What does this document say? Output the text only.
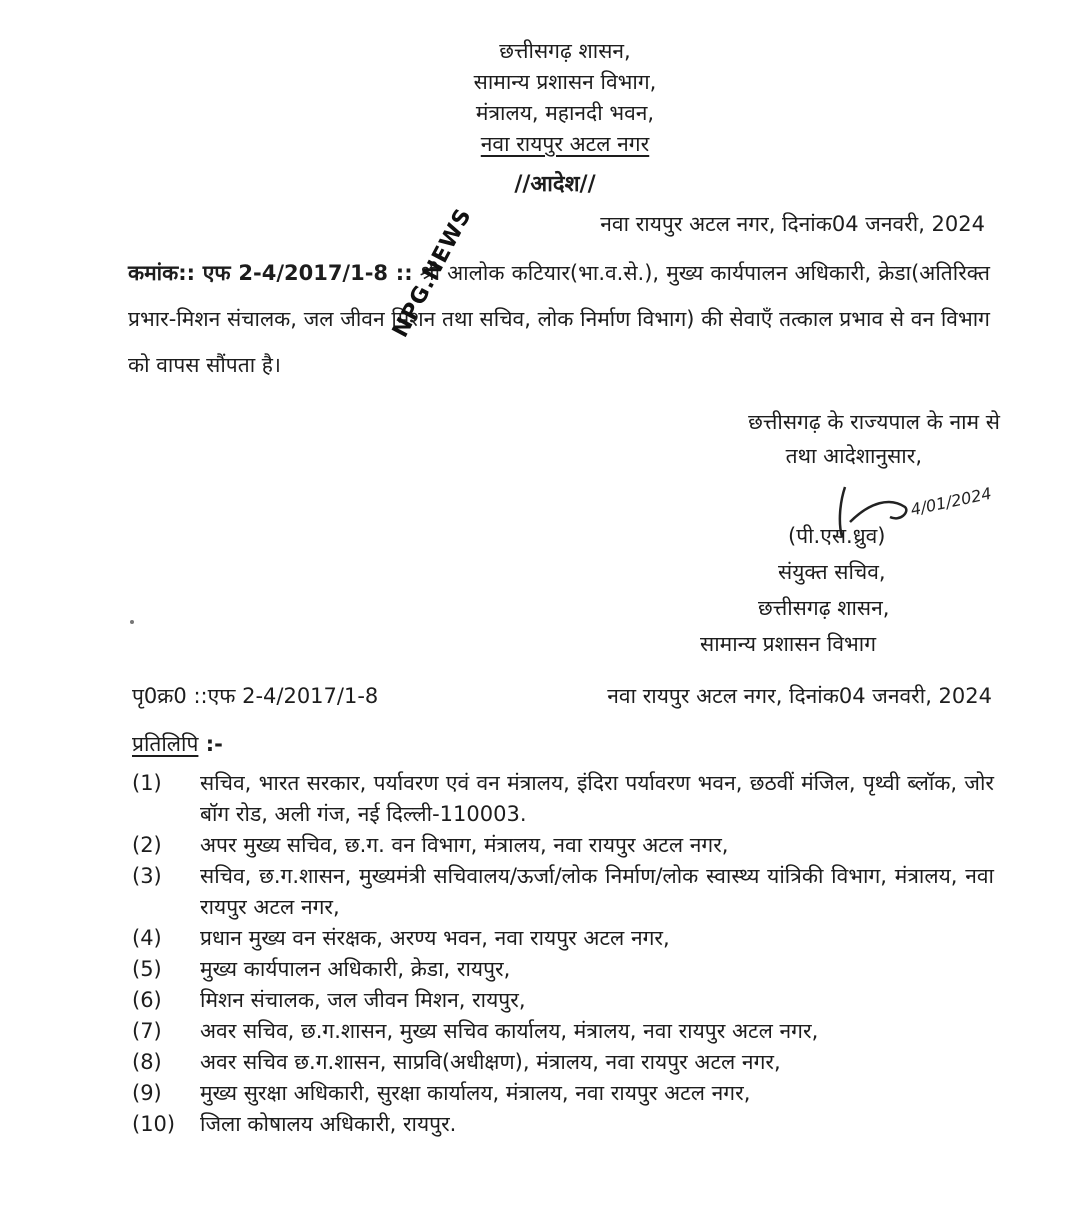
छत्तीसगढ़ शासन,
सामान्य प्रशासन विभाग,
मंत्रालय, महानदी भवन,
नवा रायपुर अटल नगर
//आदेश//
नवा रायपुर अटल नगर, दिनांक04 जनवरी, 2024
कमांक:: एफ 2-4/2017/1-8 :: श्री आलोक कटियार(भा.व.से.), मुख्य कार्यपालन अधिकारी, क्रेडा(अतिरिक्त प्रभार-मिशन संचालक, जल जीवन मिशन तथा सचिव, लोक निर्माण विभाग) की सेवाएँ तत्काल प्रभाव से वन विभाग को वापस सौंपता है।
NPG.NEWS
छत्तीसगढ़ के राज्यपाल के नाम से
तथा आदेशानुसार,
4/01/2024
(पी.एस.ध्रुव)
संयुक्त सचिव,
छत्तीसगढ़ शासन,
सामान्य प्रशासन विभाग
पृ0क्र0 ::एफ 2-4/2017/1-8	नवा रायपुर अटल नगर, दिनांक04 जनवरी, 2024
प्रतिलिपि :-
(1)	सचिव, भारत सरकार, पर्यावरण एवं वन मंत्रालय, इंदिरा पर्यावरण भवन, छठवीं मंजिल, पृथ्वी ब्लॉक, जोर बॉग रोड, अली गंज, नई दिल्ली-110003.
(2)	अपर मुख्य सचिव, छ.ग. वन विभाग, मंत्रालय, नवा रायपुर अटल नगर,
(3)	सचिव, छ.ग.शासन, मुख्यमंत्री सचिवालय/ऊर्जा/लोक निर्माण/लोक स्वास्थ्य यांत्रिकी विभाग, मंत्रालय, नवा रायपुर अटल नगर,
(4)	प्रधान मुख्य वन संरक्षक, अरण्य भवन, नवा रायपुर अटल नगर,
(5)	मुख्य कार्यपालन अधिकारी, क्रेडा, रायपुर,
(6)	मिशन संचालक, जल जीवन मिशन, रायपुर,
(7)	अवर सचिव, छ.ग.शासन, मुख्य सचिव कार्यालय, मंत्रालय, नवा रायपुर अटल नगर,
(8)	अवर सचिव छ.ग.शासन, साप्रवि(अधीक्षण), मंत्रालय, नवा रायपुर अटल नगर,
(9)	मुख्य सुरक्षा अधिकारी, सुरक्षा कार्यालय, मंत्रालय, नवा रायपुर अटल नगर,
(10)	जिला कोषालय अधिकारी, रायपुर.
